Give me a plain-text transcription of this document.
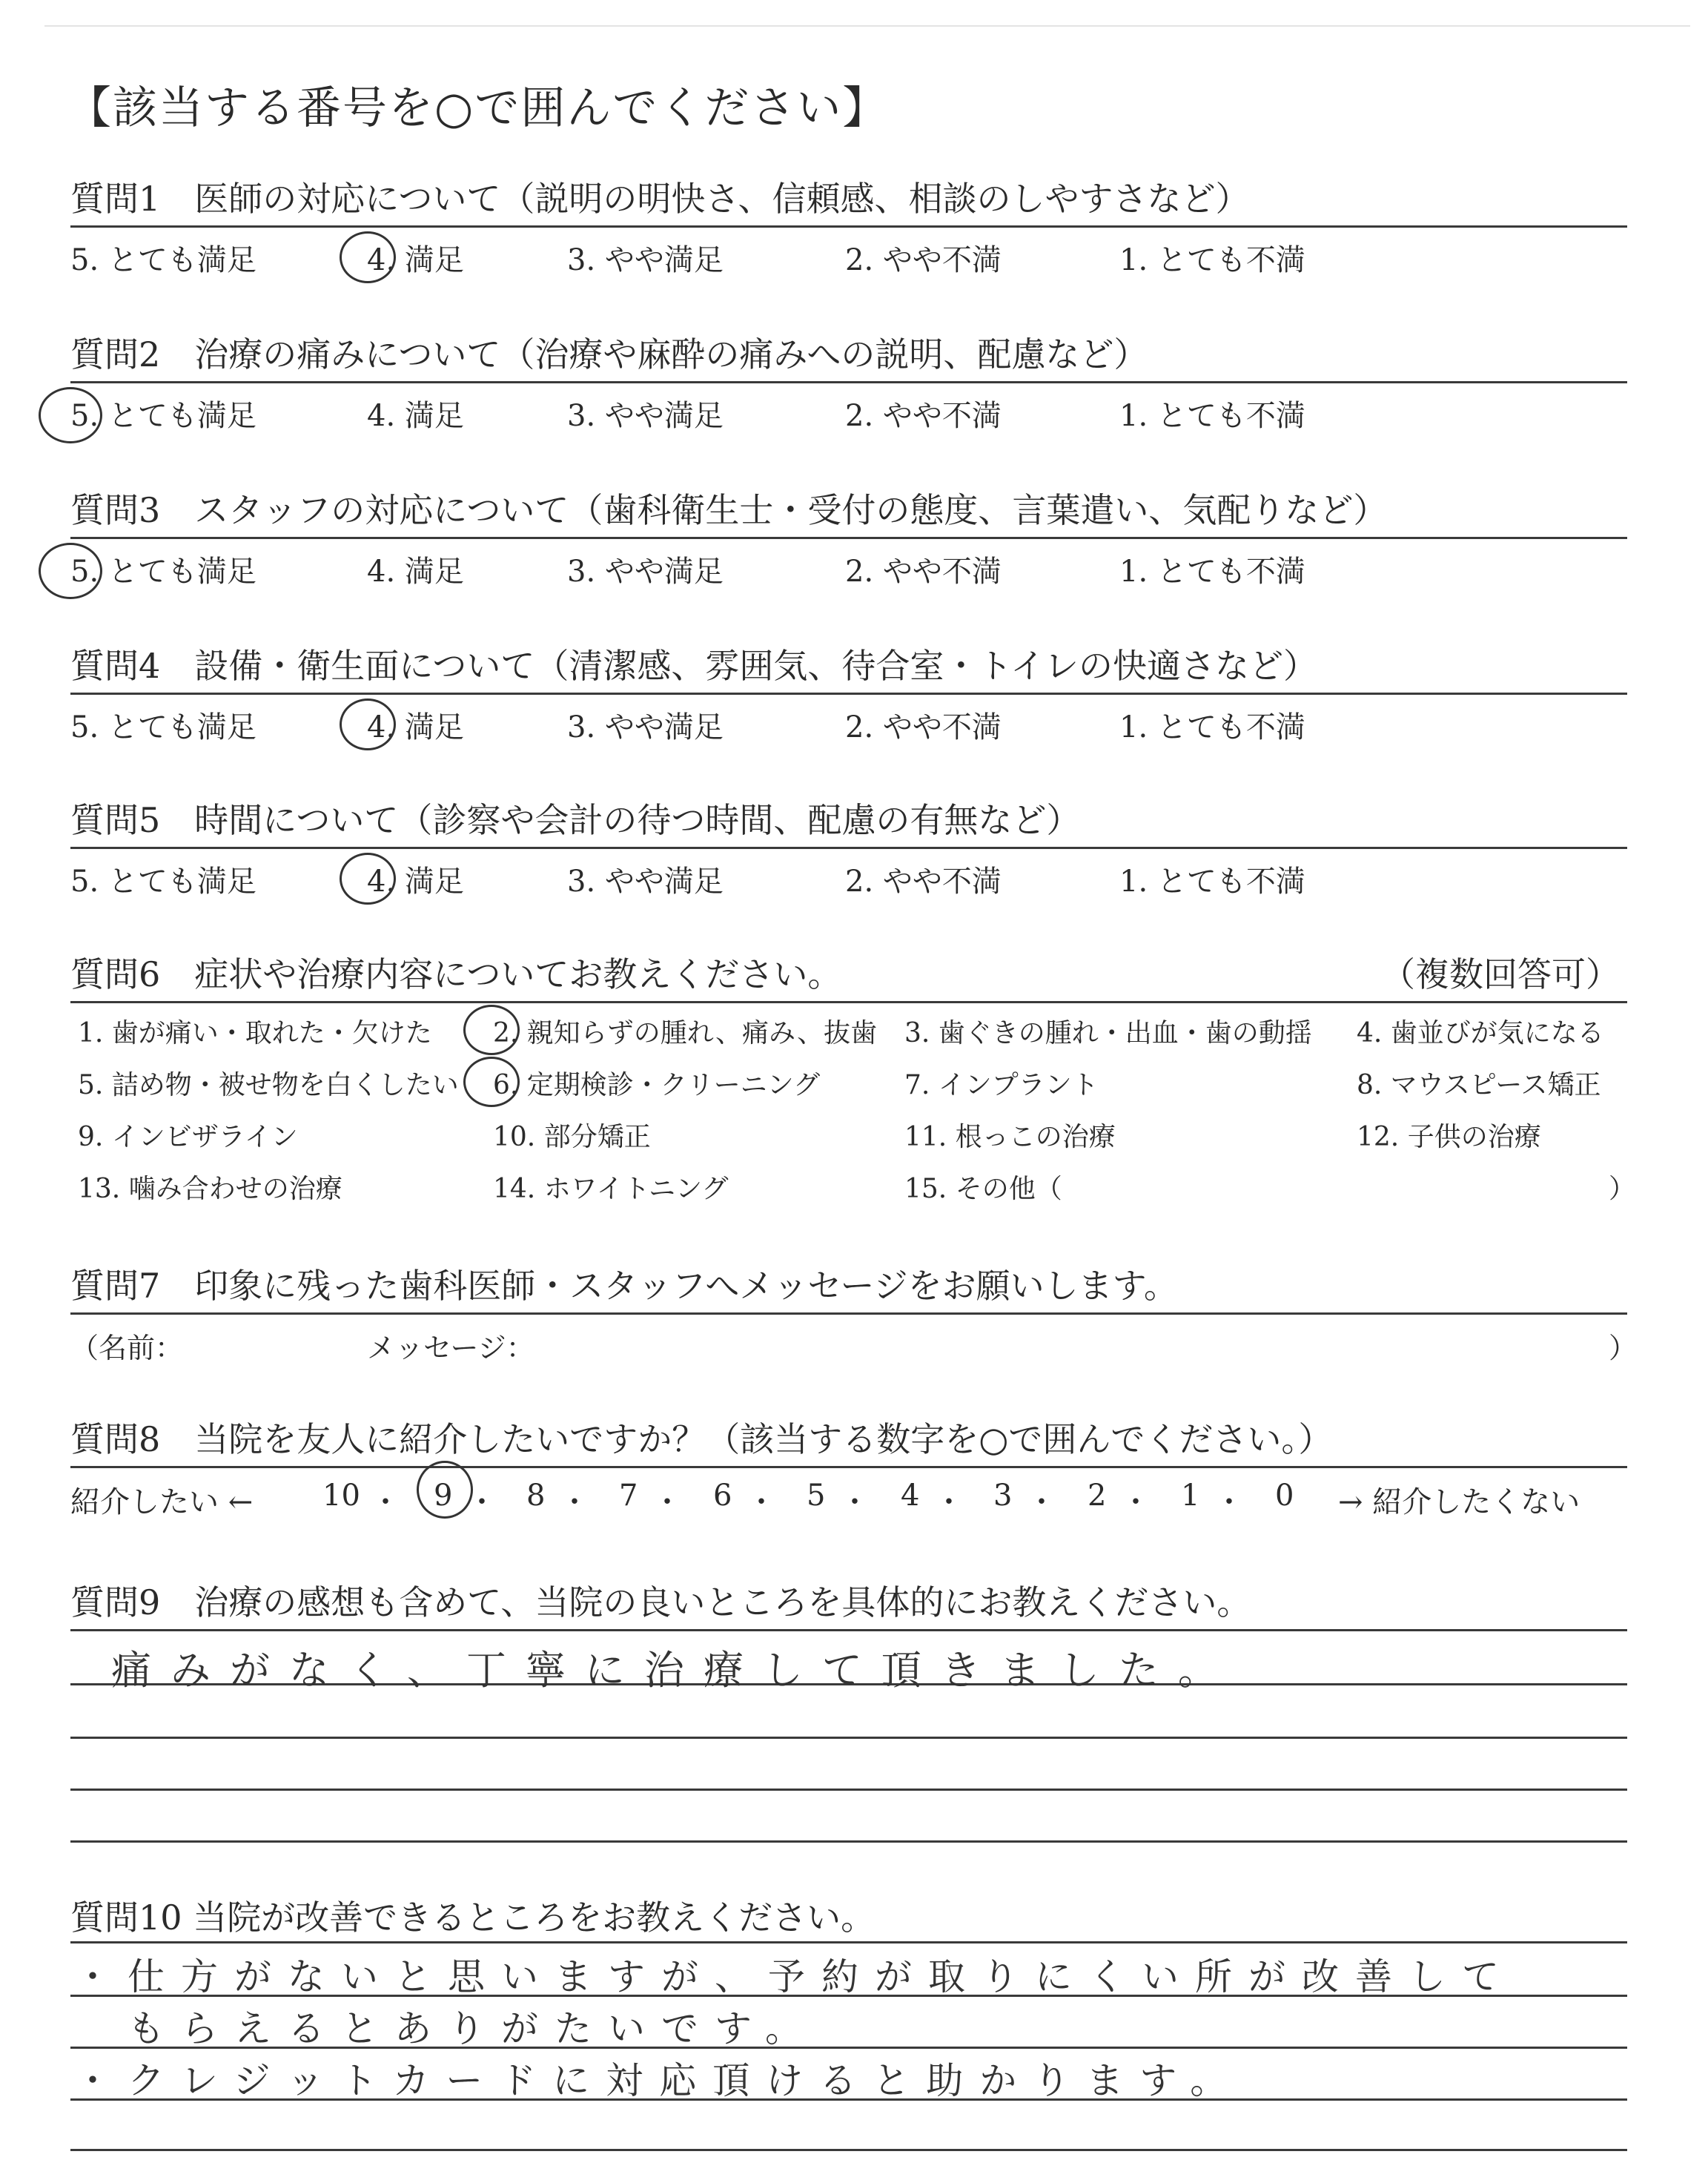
【該当する番号を○で囲んでください】
質問1　医師の対応について（説明の明快さ、信頼感、相談のしやすさなど）
5. とても満足	4. 満足	3. やや満足	2. やや不満	1. とても不満
質問2　治療の痛みについて（治療や麻酔の痛みへの説明、配慮など）
5. とても満足	4. 満足	3. やや満足	2. やや不満	1. とても不満
質問3　スタッフの対応について（歯科衛生士・受付の態度、言葉遣い、気配りなど）
5. とても満足	4. 満足	3. やや満足	2. やや不満	1. とても不満
質問4　設備・衛生面について（清潔感、雰囲気、待合室・トイレの快適さなど）
5. とても満足	4. 満足	3. やや満足	2. やや不満	1. とても不満
質問5　時間について（診察や会計の待つ時間、配慮の有無など）
5. とても満足	4. 満足	3. やや満足	2. やや不満	1. とても不満
質問6　症状や治療内容についてお教えください。	（複数回答可）
1. 歯が痛い・取れた・欠けた 2. 親知らずの腫れ、痛み、抜歯 3. 歯ぐきの腫れ・出血・歯の動揺 4. 歯並びが気になる
5. 詰め物・被せ物を白くしたい 6. 定期検診・クリーニング	7. インプラント	8. マウスピース矯正
9. インビザライン	10. 部分矯正	11. 根っこの治療	12. 子供の治療
13. 噛み合わせの治療	14. ホワイトニング	15. その他（	）
質問7　印象に残った歯科医師・スタッフへメッセージをお願いします。
（名前：	メッセージ：	）
質問8　当院を友人に紹介したいですか？（該当する数字を○で囲んでください。）
紹介したい ← 10 ・ 9 ・ 8 ・ 7 ・ 6 ・ 5 ・ 4 ・ 3 ・ 2 ・ 1 ・ 0 → 紹介したくない
質問9　治療の感想も含めて、当院の良いところを具体的にお教えください。
痛みがなく、丁寧に治療して頂きました。
質問10 当院が改善できるところをお教えください。
・仕方がないと思いますが、予約が取りにくい所が改善して
　もらえるとありがたいです。
・クレジットカードに対応頂けると助かります。
